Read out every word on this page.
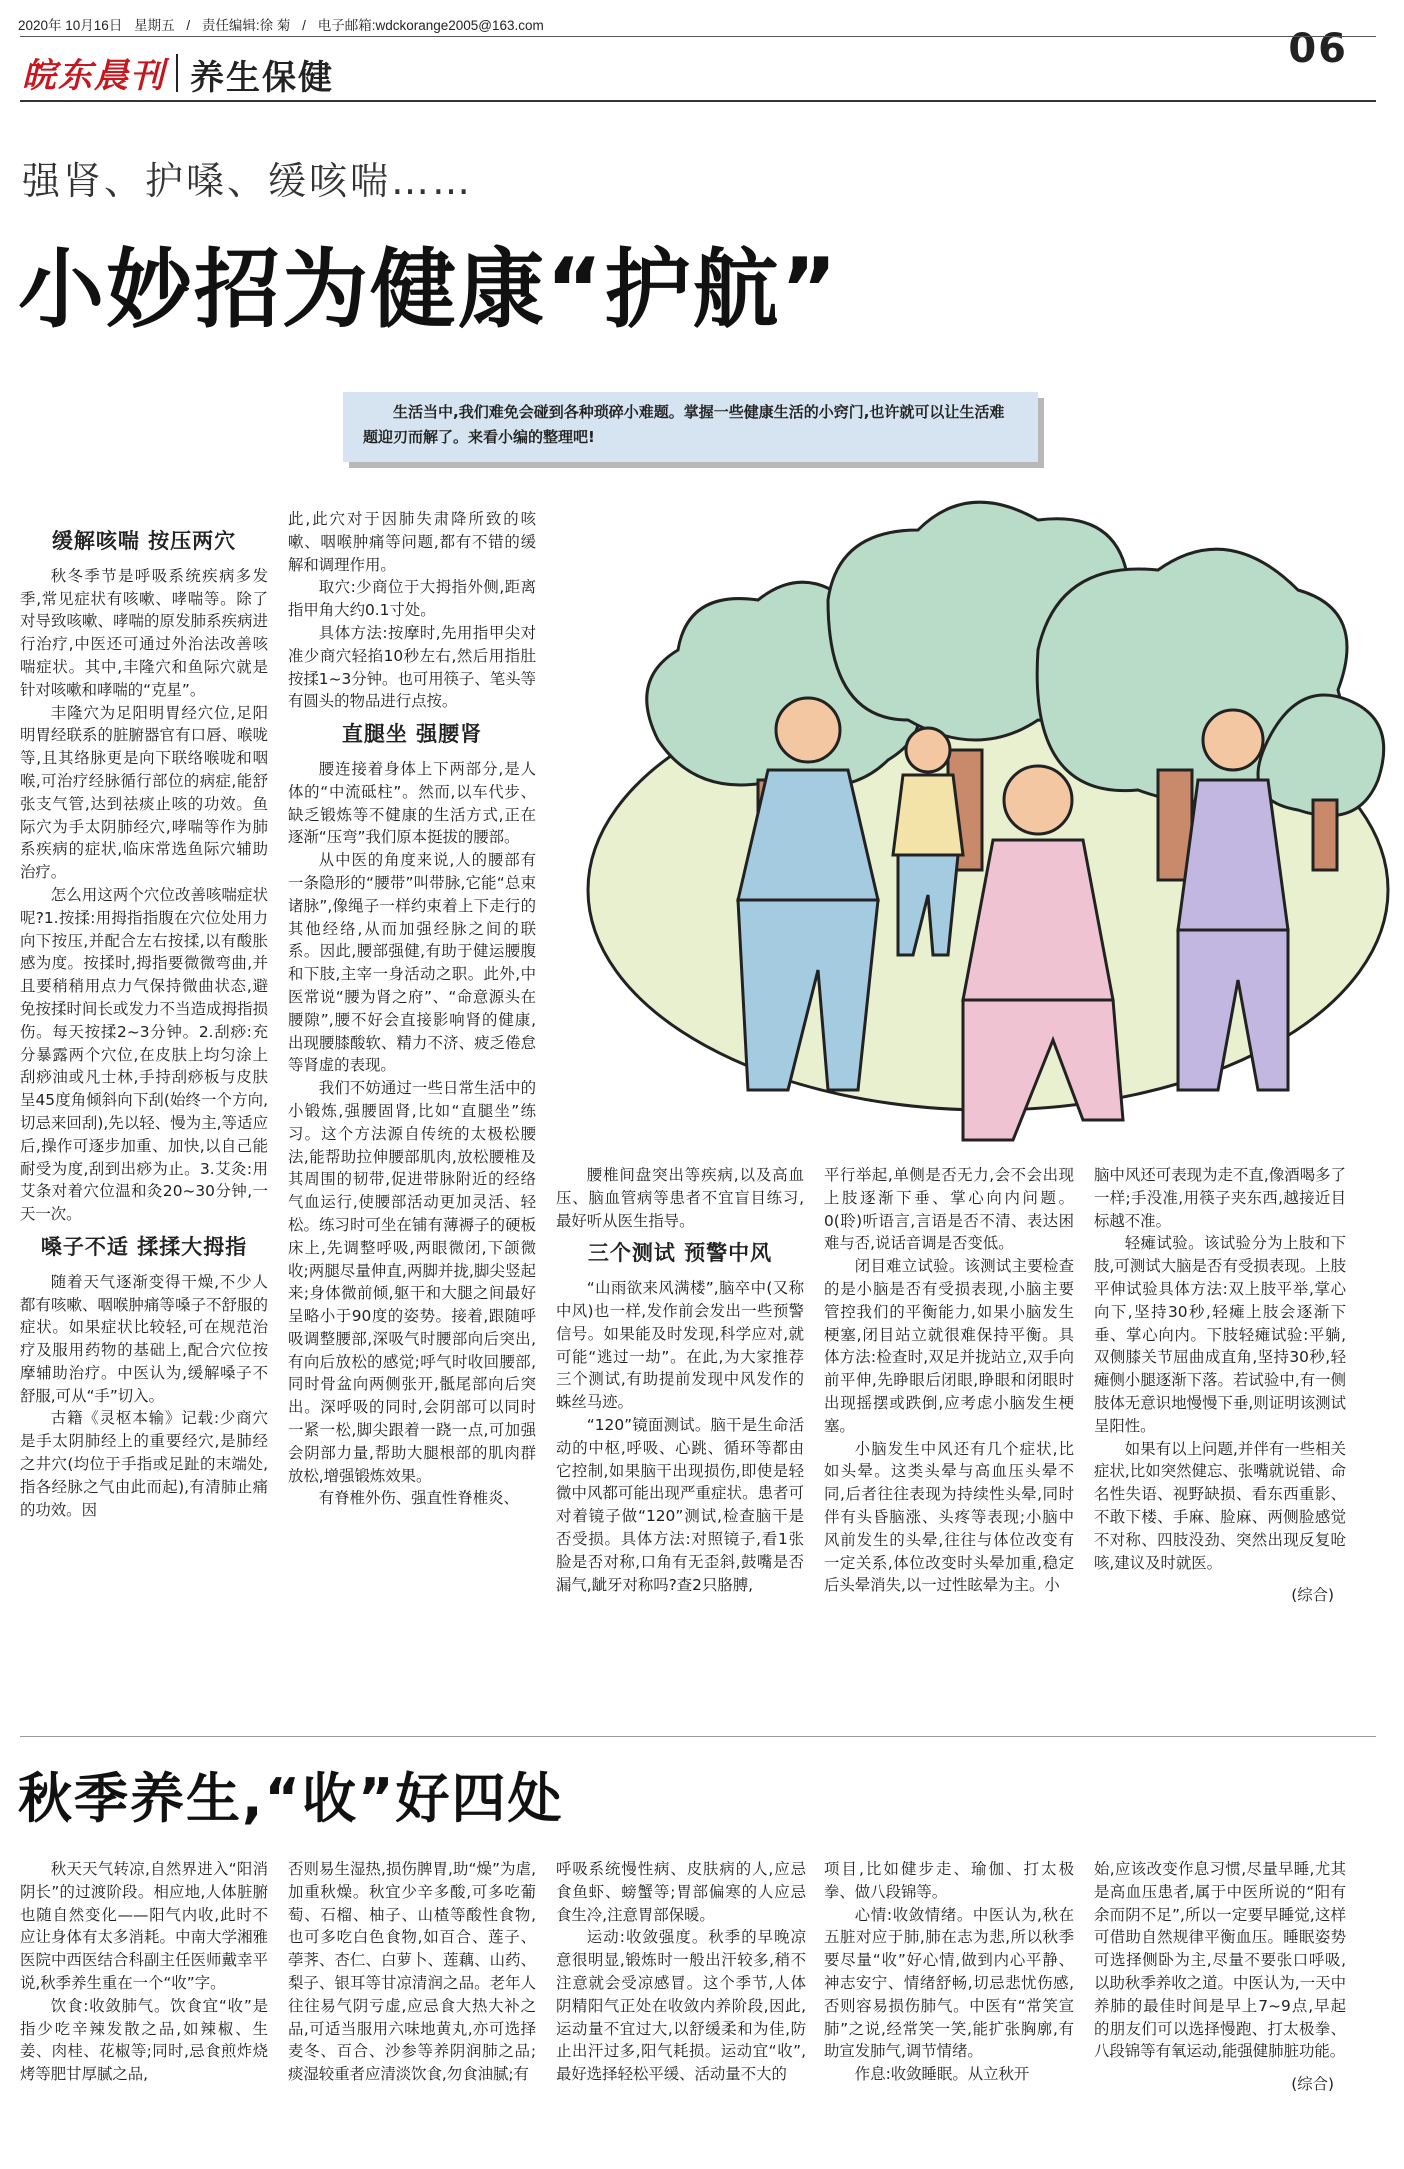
2020年 10月16日 星期五 / 责任编辑:徐 菊 / 电子邮箱:wdckorange2005@163.com
06
皖东晨刊 养生保健
强肾、护嗓、缓咳喘……
小妙招为健康“护航”

生活当中,我们难免会碰到各种琐碎小难题。掌握一些健康生活的小窍门,也许就可以让生活难题迎刃而解了。来看小编的整理吧!

缓解咳喘 按压两穴

秋冬季节是呼吸系统疾病多发季,常见症状有咳嗽、哮喘等。除了对导致咳嗽、哮喘的原发肺系疾病进行治疗,中医还可通过外治法改善咳喘症状。其中,丰隆穴和鱼际穴就是针对咳嗽和哮喘的“克星”。

丰隆穴为足阳明胃经穴位,足阳明胃经联系的脏腑器官有口唇、喉咙等,且其络脉更是向下联络喉咙和咽喉,可治疗经脉循行部位的病症,能舒张支气管,达到祛痰止咳的功效。鱼际穴为手太阴肺经穴,哮喘等作为肺系疾病的症状,临床常选鱼际穴辅助治疗。

怎么用这两个穴位改善咳喘症状呢?1.按揉:用拇指指腹在穴位处用力向下按压,并配合左右按揉,以有酸胀感为度。按揉时,拇指要微微弯曲,并且要稍稍用点力气保持微曲状态,避免按揉时间长或发力不当造成拇指损伤。每天按揉2~3分钟。2.刮痧:充分暴露两个穴位,在皮肤上均匀涂上刮痧油或凡士林,手持刮痧板与皮肤呈45度角倾斜向下刮(始终一个方向,切忌来回刮),先以轻、慢为主,等适应后,操作可逐步加重、加快,以自己能耐受为度,刮到出痧为止。3.艾灸:用艾条对着穴位温和灸20~30分钟,一天一次。

嗓子不适 揉揉大拇指

随着天气逐渐变得干燥,不少人都有咳嗽、咽喉肿痛等嗓子不舒服的症状。如果症状比较轻,可在规范治疗及服用药物的基础上,配合穴位按摩辅助治疗。中医认为,缓解嗓子不舒服,可从“手”切入。

古籍《灵枢本输》记载:少商穴是手太阴肺经上的重要经穴,是肺经之井穴(均位于手指或足趾的末端处,指各经脉之气由此而起),有清肺止痛的功效。因

此,此穴对于因肺失肃降所致的咳嗽、咽喉肿痛等问题,都有不错的缓解和调理作用。

取穴:少商位于大拇指外侧,距离指甲角大约0.1寸处。

具体方法:按摩时,先用指甲尖对准少商穴轻掐10秒左右,然后用指肚按揉1~3分钟。也可用筷子、笔头等有圆头的物品进行点按。

直腿坐 强腰肾

腰连接着身体上下两部分,是人体的“中流砥柱”。然而,以车代步、缺乏锻炼等不健康的生活方式,正在逐渐“压弯”我们原本挺拔的腰部。

从中医的角度来说,人的腰部有一条隐形的“腰带”叫带脉,它能“总束诸脉”,像绳子一样约束着上下走行的其他经络,从而加强经脉之间的联系。因此,腰部强健,有助于健运腰腹和下肢,主宰一身活动之职。此外,中医常说“腰为肾之府”、“命意源头在腰隙”,腰不好会直接影响肾的健康,出现腰膝酸软、精力不济、疲乏倦怠等肾虚的表现。

我们不妨通过一些日常生活中的小锻炼,强腰固肾,比如“直腿坐”练习。这个方法源自传统的太极松腰法,能帮助拉伸腰部肌肉,放松腰椎及其周围的韧带,促进带脉附近的经络气血运行,使腰部活动更加灵活、轻松。练习时可坐在铺有薄褥子的硬板床上,先调整呼吸,两眼微闭,下颌微收;两腿尽量伸直,两脚并拢,脚尖竖起来;身体微前倾,躯干和大腿之间最好呈略小于90度的姿势。接着,跟随呼吸调整腰部,深吸气时腰部向后突出,有向后放松的感觉;呼气时收回腰部,同时骨盆向两侧张开,骶尾部向后突出。深呼吸的同时,会阴部可以同时一紧一松,脚尖跟着一跷一点,可加强会阴部力量,帮助大腿根部的肌肉群放松,增强锻炼效果。

有脊椎外伤、强直性脊椎炎、

腰椎间盘突出等疾病,以及高血压、脑血管病等患者不宜盲目练习,最好听从医生指导。

三个测试 预警中风

“山雨欲来风满楼”,脑卒中(又称中风)也一样,发作前会发出一些预警信号。如果能及时发现,科学应对,就可能“逃过一劫”。在此,为大家推荐三个测试,有助提前发现中风发作的蛛丝马迹。

“120”镜面测试。脑干是生命活动的中枢,呼吸、心跳、循环等都由它控制,如果脑干出现损伤,即使是轻微中风都可能出现严重症状。患者可对着镜子做“120”测试,检查脑干是否受损。具体方法:对照镜子,看1张脸是否对称,口角有无歪斜,鼓嘴是否漏气,龇牙对称吗?查2只胳膊,

平行举起,单侧是否无力,会不会出现上肢逐渐下垂、掌心向内问题。0(聆)听语言,言语是否不清、表达困难与否,说话音调是否变低。

闭目难立试验。该测试主要检查的是小脑是否有受损表现,小脑主要管控我们的平衡能力,如果小脑发生梗塞,闭目站立就很难保持平衡。具体方法:检查时,双足并拢站立,双手向前平伸,先睁眼后闭眼,睁眼和闭眼时出现摇摆或跌倒,应考虑小脑发生梗塞。

小脑发生中风还有几个症状,比如头晕。这类头晕与高血压头晕不同,后者往往表现为持续性头晕,同时伴有头昏脑涨、头疼等表现;小脑中风前发生的头晕,往往与体位改变有一定关系,体位改变时头晕加重,稳定后头晕消失,以一过性眩晕为主。小

脑中风还可表现为走不直,像酒喝多了一样;手没准,用筷子夹东西,越接近目标越不准。

轻瘫试验。该试验分为上肢和下肢,可测试大脑是否有受损表现。上肢平伸试验具体方法:双上肢平举,掌心向下,坚持30秒,轻瘫上肢会逐渐下垂、掌心向内。下肢轻瘫试验:平躺,双侧膝关节屈曲成直角,坚持30秒,轻瘫侧小腿逐渐下落。若试验中,有一侧肢体无意识地慢慢下垂,则证明该测试呈阳性。

如果有以上问题,并伴有一些相关症状,比如突然健忘、张嘴就说错、命名性失语、视野缺损、看东西重影、不敢下楼、手麻、脸麻、两侧脸感觉不对称、四肢没劲、突然出现反复呛咳,建议及时就医。

(综合)

秋季养生,“收”好四处

秋天天气转凉,自然界进入“阳消阴长”的过渡阶段。相应地,人体脏腑也随自然变化——阳气内收,此时不应让身体有太多消耗。中南大学湘雅医院中西医结合科副主任医师戴幸平说,秋季养生重在一个“收”字。

饮食:收敛肺气。饮食宜“收”是指少吃辛辣发散之品,如辣椒、生姜、肉桂、花椒等;同时,忌食煎炸烧烤等肥甘厚腻之品,

否则易生湿热,损伤脾胃,助“燥”为虐,加重秋燥。秋宜少辛多酸,可多吃葡萄、石榴、柚子、山楂等酸性食物,也可多吃白色食物,如百合、莲子、荸荠、杏仁、白萝卜、莲藕、山药、梨子、银耳等甘凉清润之品。老年人往往易气阴亏虚,应忌食大热大补之品,可适当服用六味地黄丸,亦可选择麦冬、百合、沙参等养阴润肺之品;痰湿较重者应清淡饮食,勿食油腻;有

呼吸系统慢性病、皮肤病的人,应忌食鱼虾、螃蟹等;胃部偏寒的人应忌食生冷,注意胃部保暖。

运动:收敛强度。秋季的早晚凉意很明显,锻炼时一般出汗较多,稍不注意就会受凉感冒。这个季节,人体阴精阳气正处在收敛内养阶段,因此,运动量不宜过大,以舒缓柔和为佳,防止出汗过多,阳气耗损。运动宜“收”,最好选择轻松平缓、活动量不大的

项目,比如健步走、瑜伽、打太极拳、做八段锦等。

心情:收敛情绪。中医认为,秋在五脏对应于肺,肺在志为悲,所以秋季要尽量“收”好心情,做到内心平静、神志安宁、情绪舒畅,切忌悲忧伤感,否则容易损伤肺气。中医有“常笑宣肺”之说,经常笑一笑,能扩张胸廓,有助宣发肺气,调节情绪。

作息:收敛睡眠。从立秋开

始,应该改变作息习惯,尽量早睡,尤其是高血压患者,属于中医所说的“阳有余而阴不足”,所以一定要早睡觉,这样可借助自然规律平衡血压。睡眠姿势可选择侧卧为主,尽量不要张口呼吸,以助秋季养收之道。中医认为,一天中养肺的最佳时间是早上7~9点,早起的朋友们可以选择慢跑、打太极拳、八段锦等有氧运动,能强健肺脏功能。

(综合)
